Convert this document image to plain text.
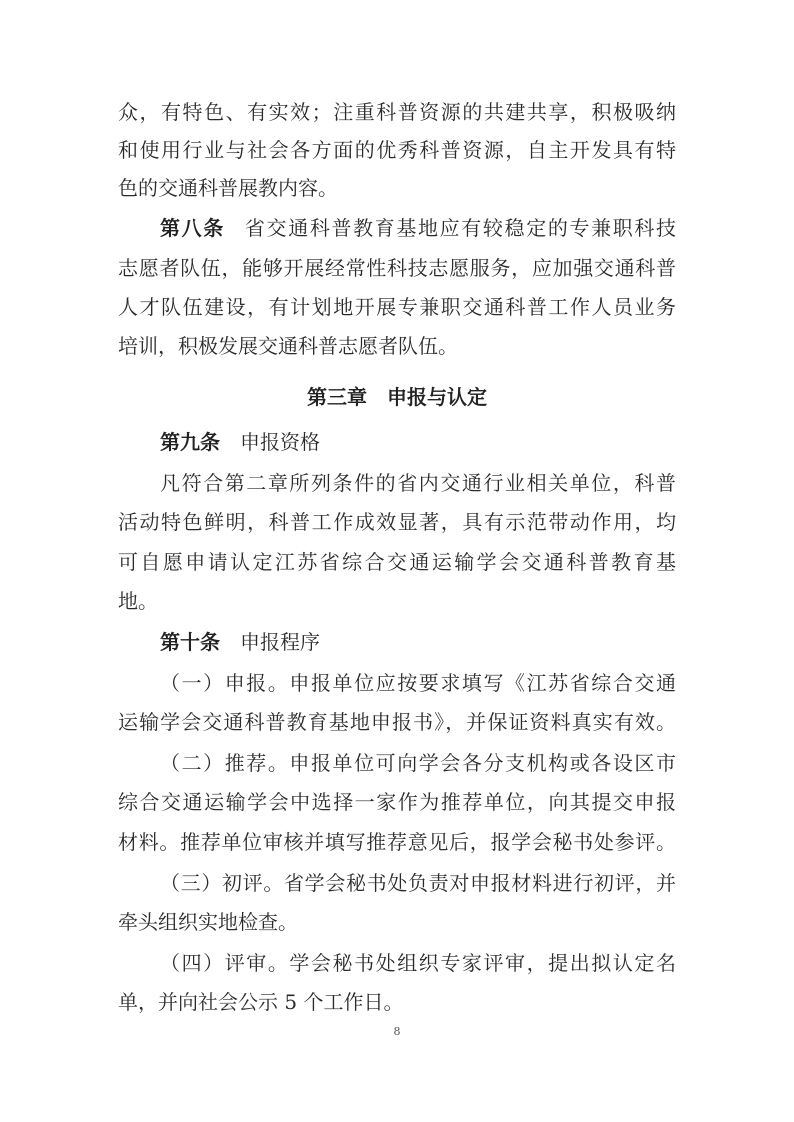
众，有特色、有实效；注重科普资源的共建共享，积极吸纳
和使用行业与社会各方面的优秀科普资源，自主开发具有特
色的交通科普展教内容。
第八条 省交通科普教育基地应有较稳定的专兼职科技
志愿者队伍，能够开展经常性科技志愿服务，应加强交通科普
人才队伍建设，有计划地开展专兼职交通科普工作人员业务
培训，积极发展交通科普志愿者队伍。
第三章 申报与认定
第九条 申报资格
凡符合第二章所列条件的省内交通行业相关单位，科普
活动特色鲜明，科普工作成效显著，具有示范带动作用，均
可自愿申请认定江苏省综合交通运输学会交通科普教育基
地。
第十条 申报程序
（一）申报。申报单位应按要求填写《江苏省综合交通
运输学会交通科普教育基地申报书》，并保证资料真实有效。
（二）推荐。申报单位可向学会各分支机构或各设区市
综合交通运输学会中选择一家作为推荐单位，向其提交申报
材料。推荐单位审核并填写推荐意见后，报学会秘书处参评。
（三）初评。省学会秘书处负责对申报材料进行初评，并
牵头组织实地检查。
（四）评审。学会秘书处组织专家评审，提出拟认定名
单，并向社会公示 5 个工作日。
8
